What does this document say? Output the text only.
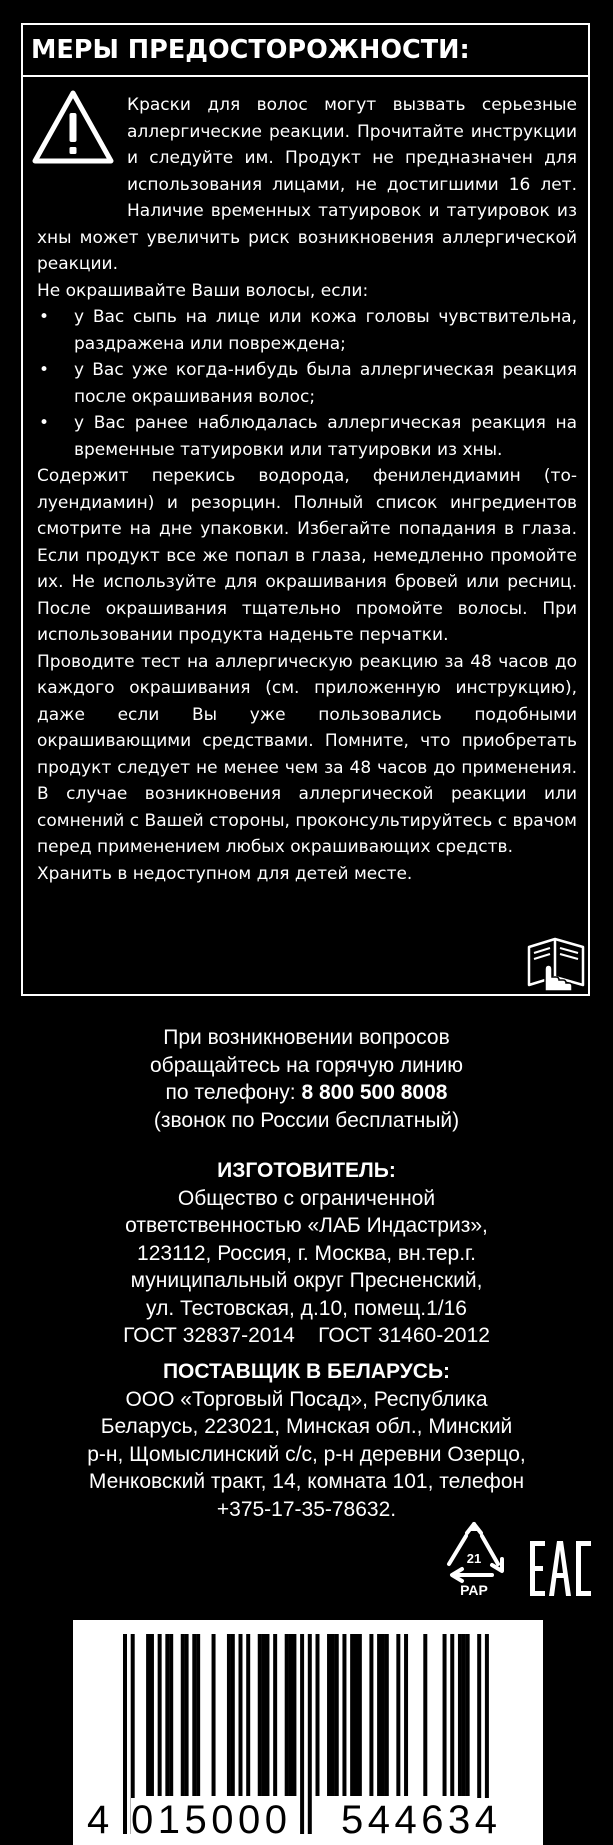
МЕРЫ ПРЕДОСТОРОЖНОСТИ:

Краски для волос могут вызвать серьезные аллергические реакции. Прочитайте инструкции и следуйте им. Продукт не предназначен для использования лицами, не достигшими 16 лет. Наличие временных татуировок и татуировок из хны может увеличить риск возникновения аллергической реакции.

Не окрашивайте Ваши волосы, если:

• у Вас сыпь на лице или кожа головы чувствительна, раздражена или повреждена;
• у Вас уже когда-нибудь была аллергическая реакция после окрашивания волос;
• у Вас ранее наблюдалась аллергическая реакция на временные татуировки или татуировки из хны.

Содержит перекись водорода, фенилендиамин (толуендиамин) и резорцин. Полный список ингредиентов смотрите на дне упаковки. Избегайте попадания в глаза. Если продукт все же попал в глаза, немедленно промойте их. Не используйте для окрашивания бровей или ресниц. После окрашивания тщательно промойте волосы. При использовании продукта наденьте перчатки.

Проводите тест на аллергическую реакцию за 48 часов до каждого окрашивания (см. приложенную инструкцию), даже если Вы уже пользовались подобными окрашивающими средствами. Помните, что приобретать продукт следует не менее чем за 48 часов до применения. В случае возникновения аллергической реакции или сомнений с Вашей стороны, проконсультируйтесь с врачом перед применением любых окрашивающих средств.

Хранить в недоступном для детей месте.

При возникновении вопросов
обращайтесь на горячую линию
по телефону: 8 800 500 8008
(звонок по России бесплатный)
ИЗГОТОВИТЕЛЬ:
Общество с ограниченной
ответственностью «ЛАБ Индастриз»,
123112, Россия, г. Москва, вн.тер.г.
муниципальный округ Пресненский,
ул. Тестовская, д.10, помещ.1/16
ГОСТ 32837-2014    ГОСТ 31460-2012
ПОСТАВЩИК В БЕЛАРУСЬ:
ООО «Торговый Посад», Республика
Беларусь, 223021, Минская обл., Минский
р-н, Щомыслинский с/с, р-н деревни Озерцо,
Менковский тракт, 14, комната 101, телефон
+375-17-35-78632.
21
PAP
4 015000 544634
